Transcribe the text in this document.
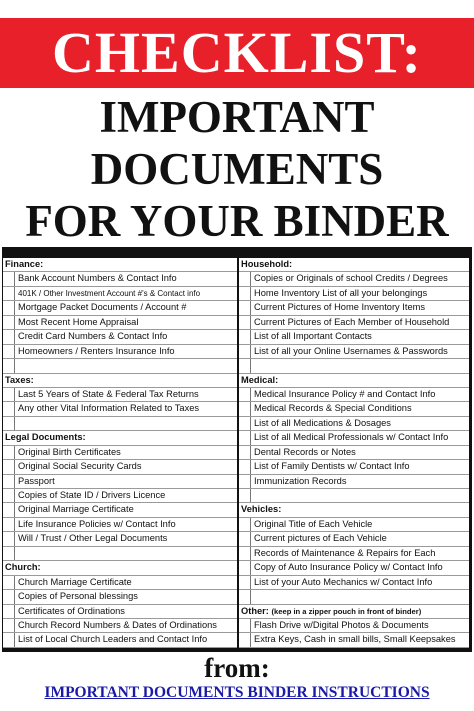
CHECKLIST:
IMPORTANT
DOCUMENTS
FOR YOUR BINDER
Finance:
Bank Account Numbers & Contact Info
401K / Other Investment Account #'s & Contact info
Mortgage Packet Documents / Account #
Most Recent Home Appraisal
Credit Card Numbers & Contact Info
Homeowners / Renters Insurance Info
Taxes:
Last 5 Years of State & Federal Tax Returns
Any other Vital Information Related to Taxes
Legal Documents:
Original Birth Certificates
Original Social Security Cards
Passport
Copies of State ID / Drivers Licence
Original Marriage Certificate
Life Insurance Policies w/ Contact Info
Will / Trust / Other Legal Documents
Church:
Church Marriage Certificate
Copies of Personal blessings
Certificates of Ordinations
Church Record Numbers & Dates of Ordinations
List of Local Church Leaders and Contact Info
Household:
Copies or Originals of school Credits / Degrees
Home Inventory List of all your belongings
Current Pictures of Home Inventory Items
Current Pictures of Each Member of Household
List of all Important Contacts
List of all your Online Usernames & Passwords
Medical:
Medical Insurance Policy # and Contact Info
Medical Records & Special Conditions
List of all Medications & Dosages
List of all Medical Professionals w/ Contact Info
Dental Records or Notes
List of Family Dentists w/ Contact Info
Immunization Records
Vehicles:
Original Title of Each Vehicle
Current pictures of Each Vehicle
Records of Maintenance & Repairs for Each
Copy of Auto Insurance Policy w/ Contact Info
List of your Auto Mechanics w/ Contact Info
Other: (keep in a zipper pouch in front of binder)
Flash Drive w/Digital Photos & Documents
Extra Keys, Cash in small bills, Small Keepsakes
from:
IMPORTANT DOCUMENTS BINDER INSTRUCTIONS
